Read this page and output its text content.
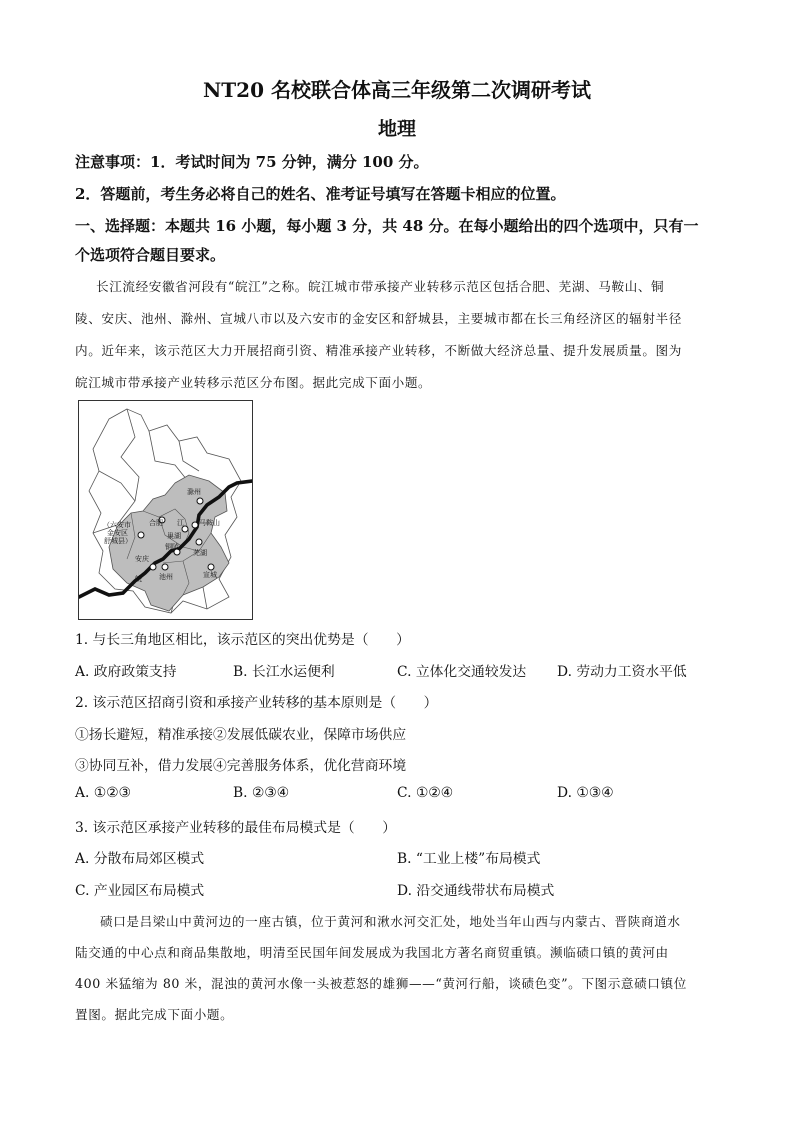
NT20 名校联合体高三年级第二次调研考试
地理
注意事项：1．考试时间为 75 分钟，满分 100 分。
2．答题前，考生务必将自己的姓名、准考证号填写在答题卡相应的位置。
一、选择题：本题共 16 小题，每小题 3 分，共 48 分。在每小题给出的四个选项中，只有一
个选项符合题目要求。
长江流经安徽省河段有“皖江”之称。皖江城市带承接产业转移示范区包括合肥、芜湖、马鞍山、铜
陵、安庆、池州、滁州、宣城八市以及六安市的金安区和舒城县，主要城市都在长三角经济区的辐射半径
内。近年来，该示范区大力开展招商引资、精准承接产业转移，不断做大经济总量、提升发展质量。图为
皖江城市带承接产业转移示范区分布图。据此完成下面小题。
滁州
合肥 江 马鞍山
（六安市
金安区
舒城县）
巢湖
铜陵
芜湖
安庆
池州	宣城
皖
1. 与长三角地区相比，该示范区的突出优势是（　　）
A. 政府政策支持	B. 长江水运便利	C. 立体化交通较发达 D. 劳动力工资水平低
2. 该示范区招商引资和承接产业转移的基本原则是（　　）
①扬长避短，精准承接②发展低碳农业，保障市场供应
③协同互补，借力发展④完善服务体系，优化营商环境
A. ①②③	B. ②③④	C. ①②④	D. ①③④
3. 该示范区承接产业转移的最佳布局模式是（　　）
A. 分散布局郊区模式	B. “工业上楼”布局模式
C. 产业园区布局模式	D. 沿交通线带状布局模式
碛口是吕梁山中黄河边的一座古镇，位于黄河和湫水河交汇处，地处当年山西与内蒙古、晋陕商道水
陆交通的中心点和商品集散地，明清至民国年间发展成为我国北方著名商贸重镇。濒临碛口镇的黄河由
400 米猛缩为 80 米，混浊的黄河水像一头被惹怒的雄狮——“黄河行船，谈碛色变”。下图示意碛口镇位
置图。据此完成下面小题。
